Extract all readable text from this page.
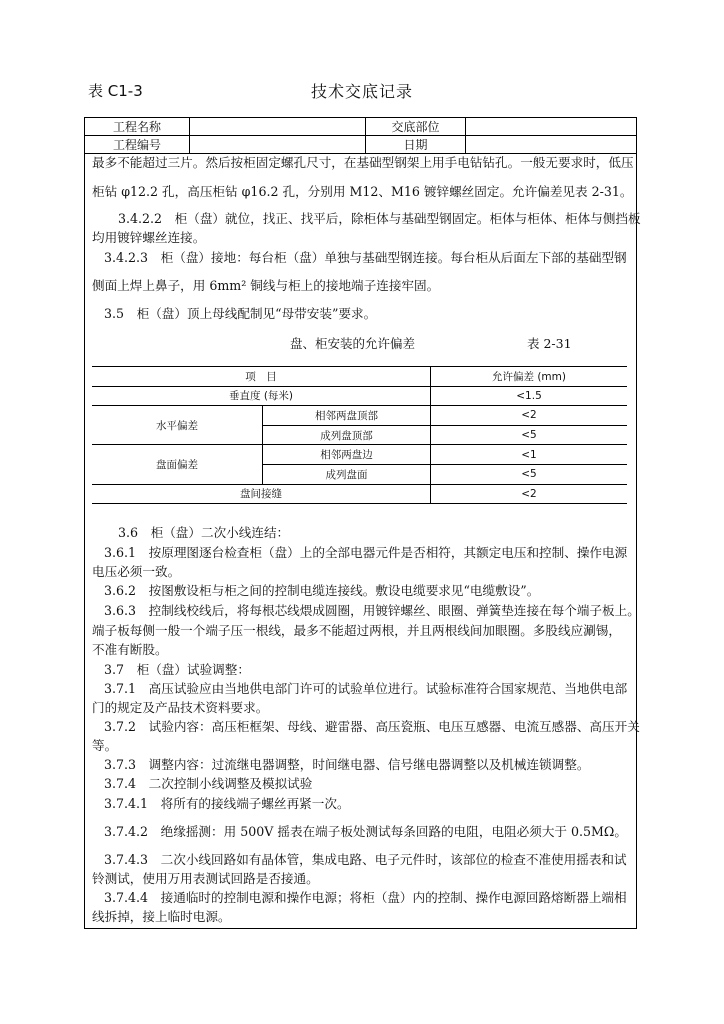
表 C1-3	技术交底记录
工程名称		交底部位	
工程编号		日期	
最多不能超过三片。然后按柜固定螺孔尺寸，在基础型钢架上用手电钻钻孔。一般无要求时，低压
柜钻 φ12.2 孔，高压柜钻 φ16.2 孔，分别用 M12、M16 镀锌螺丝固定。允许偏差见表 2-31。
3.4.2.2　柜（盘）就位，找正、找平后，除柜体与基础型钢固定。柜体与柜体、柜体与侧挡板
均用镀锌螺丝连接。
3.4.2.3　柜（盘）接地：每台柜（盘）单独与基础型钢连接。每台柜从后面左下部的基础型钢
侧面上焊上鼻子，用 6mm² 铜线与柜上的接地端子连接牢固。
3.5　柜（盘）顶上母线配制见“母带安装”要求。
3.6　柜（盘）二次小线连结：
3.6.1　按原理图逐台检查柜（盘）上的全部电器元件是否相符，其额定电压和控制、操作电源
电压必须一致。
3.6.2　按图敷设柜与柜之间的控制电缆连接线。敷设电缆要求见“电缆敷设”。
3.6.3　控制线校线后，将每根芯线煨成圆圈，用镀锌螺丝、眼圈、弹簧垫连接在每个端子板上。
端子板每侧一般一个端子压一根线，最多不能超过两根，并且两根线间加眼圈。多股线应涮锡，
不准有断股。
3.7　柜（盘）试验调整：
3.7.1　高压试验应由当地供电部门许可的试验单位进行。试验标准符合国家规范、当地供电部
门的规定及产品技术资料要求。
3.7.2　试验内容：高压柜框架、母线、避雷器、高压瓷瓶、电压互感器、电流互感器、高压开关
等。
3.7.3　调整内容：过流继电器调整，时间继电器、信号继电器调整以及机械连锁调整。
3.7.4　二次控制小线调整及模拟试验
3.7.4.1　将所有的接线端子螺丝再紧一次。
3.7.4.2　绝缘摇测：用 500V 摇表在端子板处测试每条回路的电阻，电阻必须大于 0.5MΩ。
3.7.4.3　二次小线回路如有晶体管，集成电路、电子元件时，该部位的检查不准使用摇表和试
铃测试，使用万用表测试回路是否接通。
3.7.4.4　接通临时的控制电源和操作电源；将柜（盘）内的控制、操作电源回路熔断器上端相
线拆掉，接上临时电源。
盘、柜安装的允许偏差	表 2-31
项　目		允许偏差 (mm)
垂直度 (每米)		<1.5
水平偏差	相邻两盘顶部	<2
	成列盘顶部	<5
盘面偏差	相邻两盘边	<1
	成列盘面	<5
盘间接缝		<2
